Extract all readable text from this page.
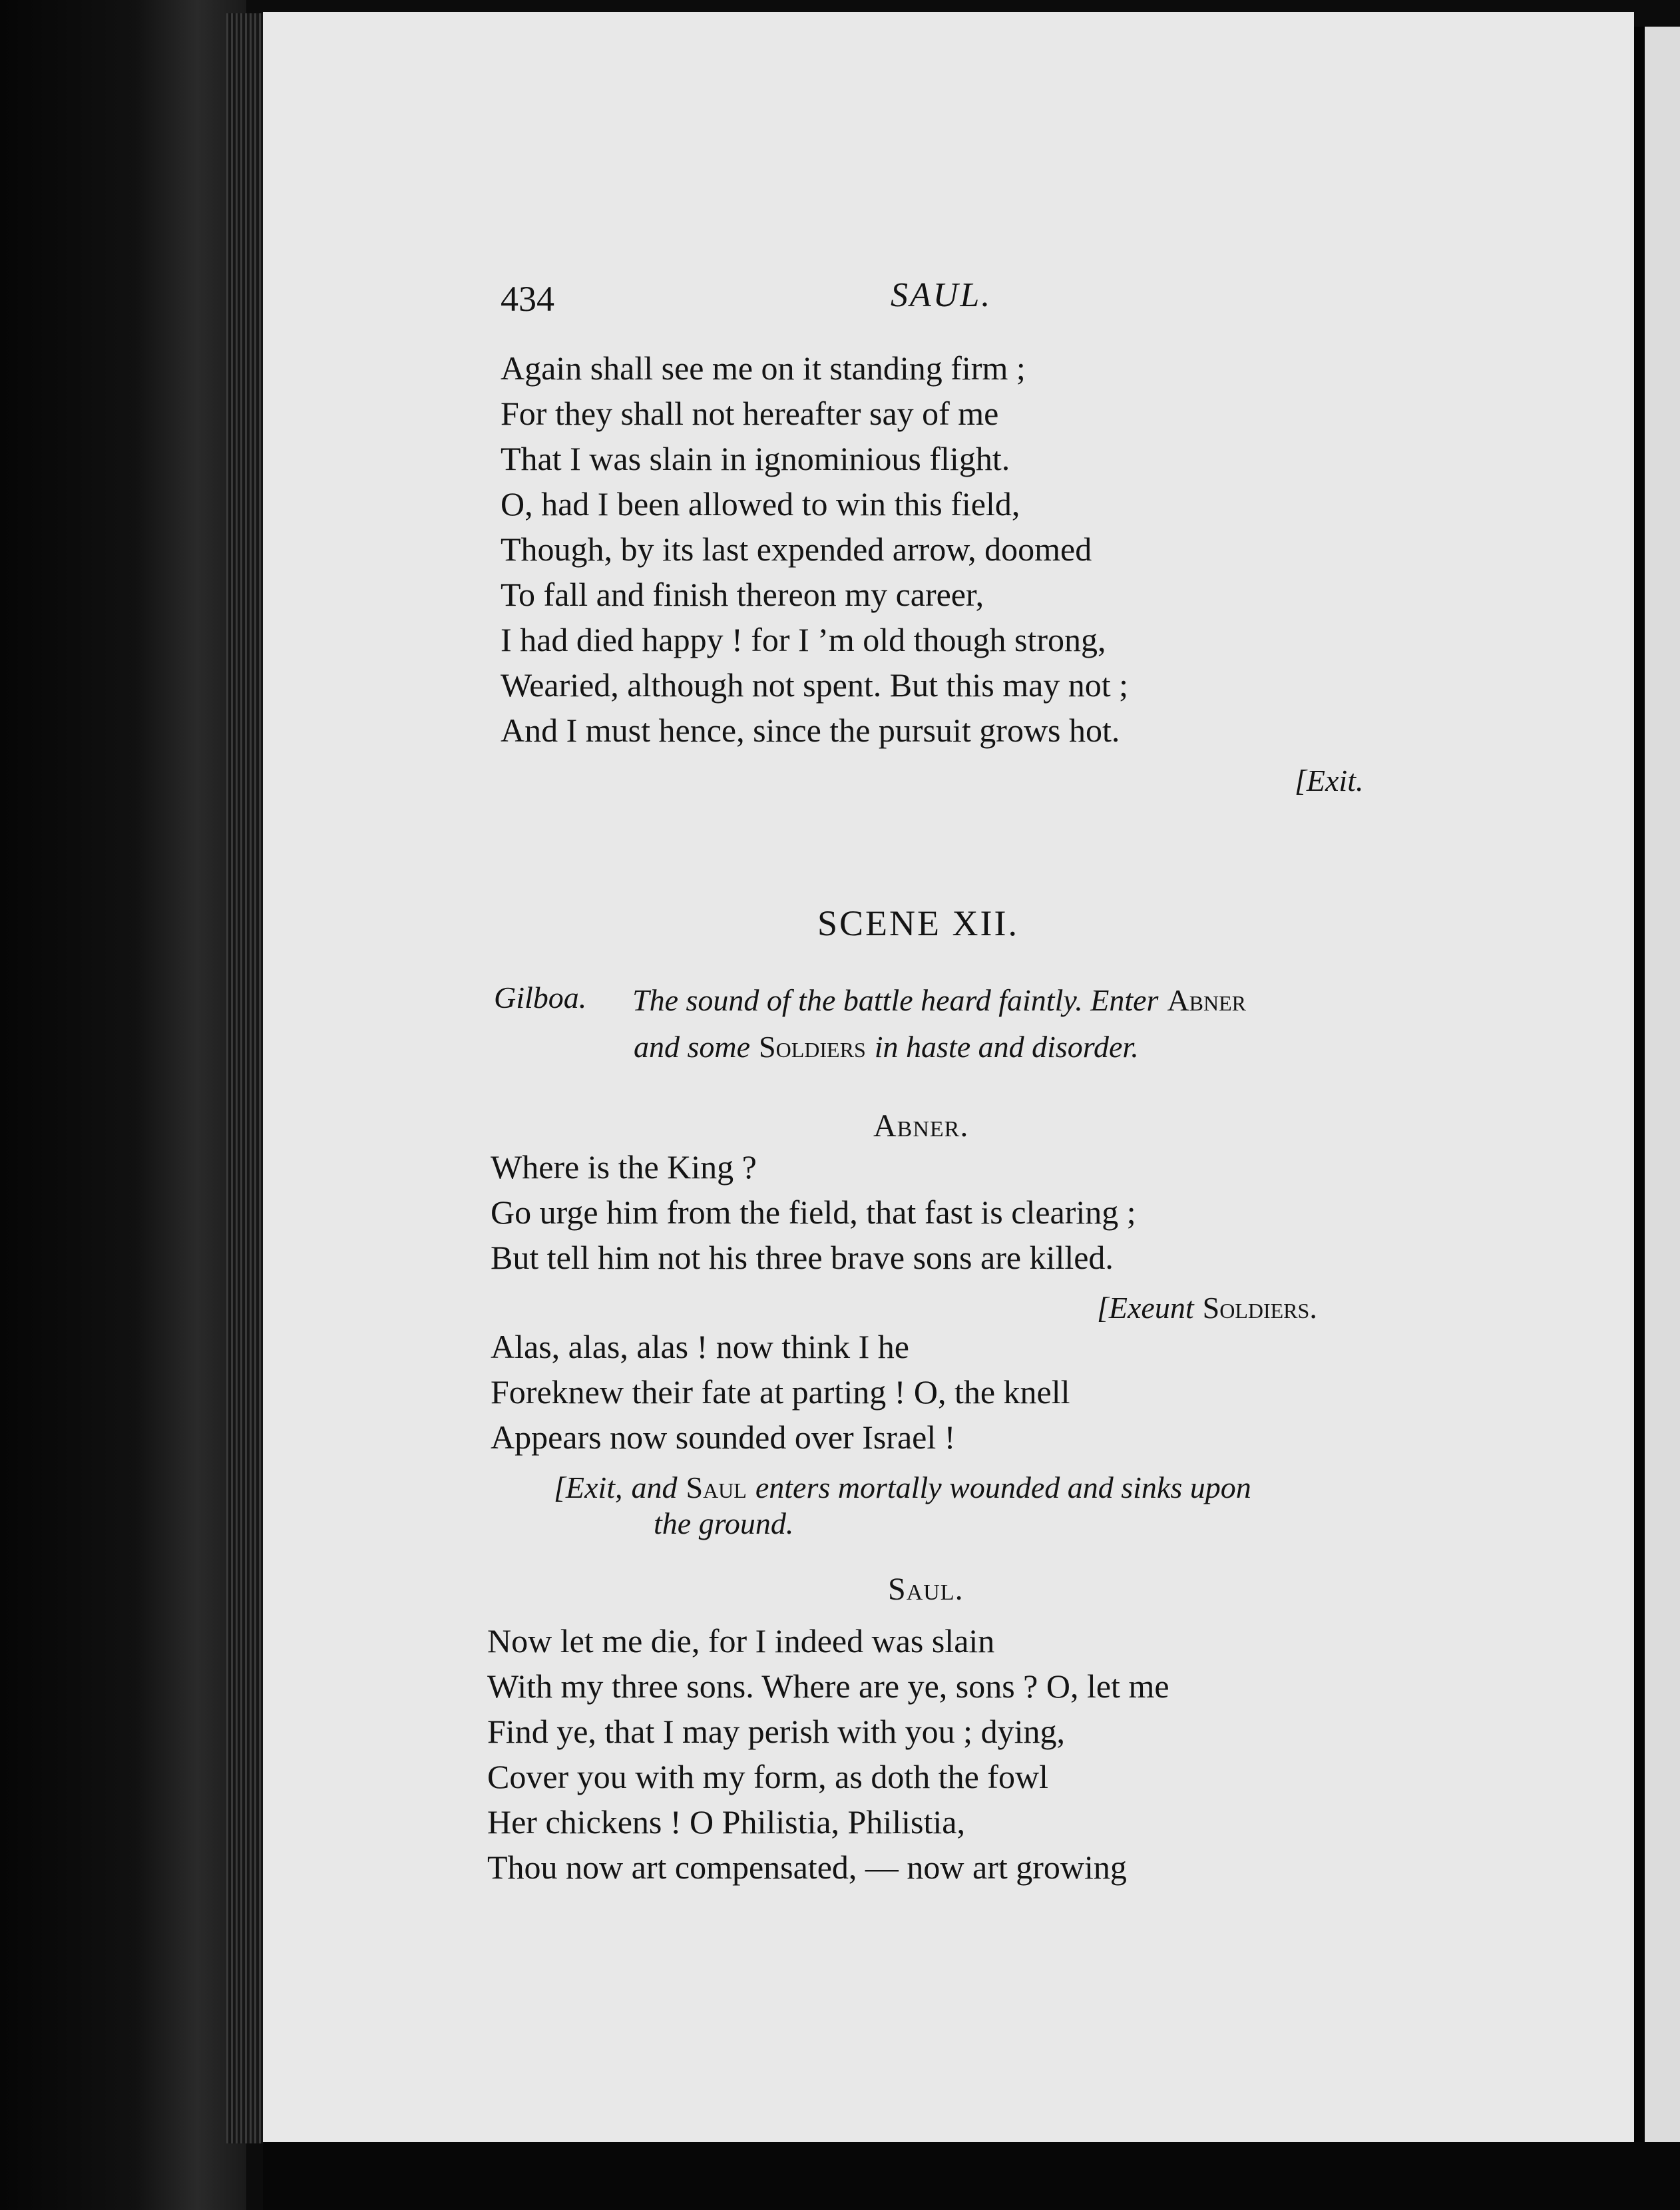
434	SAUL.
Again shall see me on it standing firm ;
For they shall not hereafter say of me
That I was slain in ignominious flight.
O, had I been allowed to win this field,
Though, by its last expended arrow, doomed
To fall and finish thereon my career,
I had died happy ! for I ’m old though strong,
Wearied, although not spent. But this may not ;
And I must hence, since the pursuit grows hot.
[Exit.
SCENE XII.
Gilboa. The sound of the battle heard faintly. Enter Abner
and some Soldiers in haste and disorder.
Abner.
Where is the King ?
Go urge him from the field, that fast is clearing ;
But tell him not his three brave sons are killed.
[Exeunt Soldiers.
Alas, alas, alas ! now think I he
Foreknew their fate at parting ! O, the knell
Appears now sounded over Israel !
[Exit, and Saul enters mortally wounded and sinks upon
the ground.
Saul.
Now let me die, for I indeed was slain
With my three sons. Where are ye, sons ? O, let me
Find ye, that I may perish with you ; dying,
Cover you with my form, as doth the fowl
Her chickens ! O Philistia, Philistia,
Thou now art compensated, — now art growing
